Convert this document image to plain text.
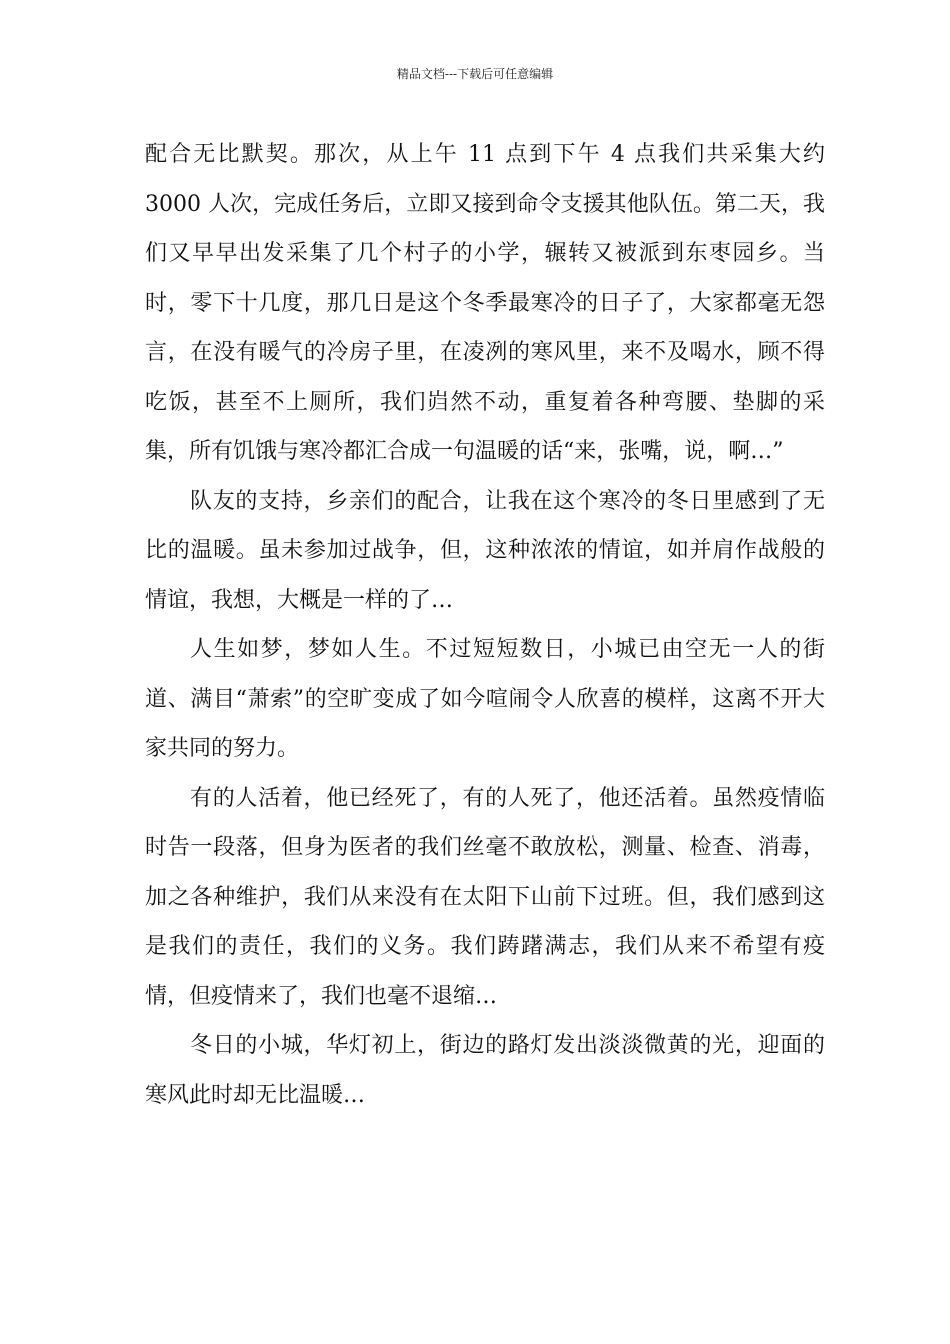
精品文档---下载后可任意编辑

配合无比默契。那次，从上午 11 点到下午 4 点我们共采集大约 3000 人次，完成任务后，立即又接到命令支援其他队伍。第二天，我们又早早出发采集了几个村子的小学，辗转又被派到东枣园乡。当时，零下十几度，那几日是这个冬季最寒冷的日子了，大家都毫无怨言，在没有暖气的冷房子里，在凌冽的寒风里，来不及喝水，顾不得吃饭，甚至不上厕所，我们岿然不动，重复着各种弯腰、垫脚的采集，所有饥饿与寒冷都汇合成一句温暖的话“来，张嘴，说，啊…”

队友的支持，乡亲们的配合，让我在这个寒冷的冬日里感到了无比的温暖。虽未参加过战争，但，这种浓浓的情谊，如并肩作战般的情谊，我想，大概是一样的了…

人生如梦，梦如人生。不过短短数日，小城已由空无一人的街道、满目“萧索”的空旷变成了如今喧闹令人欣喜的模样，这离不开大家共同的努力。

有的人活着，他已经死了，有的人死了，他还活着。虽然疫情临时告一段落，但身为医者的我们丝毫不敢放松，测量、检查、消毒，加之各种维护，我们从来没有在太阳下山前下过班。但，我们感到这是我们的责任，我们的义务。我们踌躇满志，我们从来不希望有疫情，但疫情来了，我们也毫不退缩…

冬日的小城，华灯初上，街边的路灯发出淡淡微黄的光，迎面的寒风此时却无比温暖…
